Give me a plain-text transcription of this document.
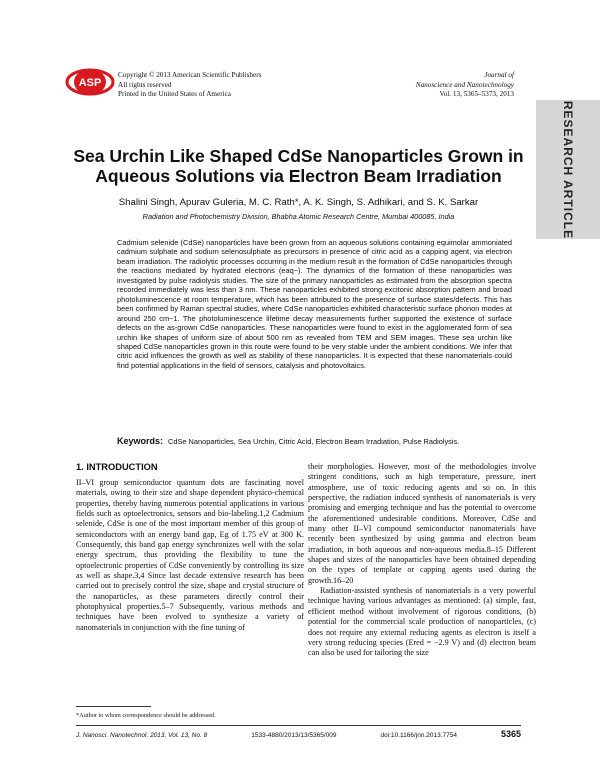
ASP
Copyright © 2013 American Scientific Publishers
All rights reserved
Printed in the United States of America
Journal of
Nanoscience and Nanotechnology
Vol. 13, 5365–5373, 2013
RESEARCH ARTICLE
Sea Urchin Like Shaped CdSe Nanoparticles Grown in
Aqueous Solutions via Electron Beam Irradiation
Shalini Singh, Apurav Guleria, M. C. Rath*, A. K. Singh, S. Adhikari, and S. K. Sarkar
Radiation and Photochemistry Division, Bhabha Atomic Research Centre, Mumbai 400085, India
Cadmium selenide (CdSe) nanoparticles have been grown from an aqueous solutions containing equimolar ammoniated cadmium sulphate and sodium selenosulphate as precursors in presence of citric acid as a capping agent, via electron beam irradiation. The radiolytic processes occurring in the medium result in the formation of CdSe nanoparticles through the reactions mediated by hydrated electrons (eaq−). The dynamics of the formation of these nanoparticles was investigated by pulse radiolysis studies. The size of the primary nanoparticles as estimated from the absorption spectra recorded immediately was less than 3 nm. These nanoparticles exhibited strong excitonic absorption pattern and broad photoluminescence at room temperature, which has been attributed to the presence of surface states/defects. This has been confirmed by Raman spectral studies, where CdSe nanoparticles exhibited characteristic surface phonon modes at around 250 cm−1. The photoluminescence lifetime decay measurements further supported the existence of surface defects on the as-grown CdSe nanoparticles. These nanoparticles were found to exist in the agglomerated form of sea urchin like shapes of uniform size of about 500 nm as revealed from TEM and SEM images. These sea urchin like shaped CdSe nanoparticles grown in this route were found to be very stable under the ambient conditions. We infer that citric acid influences the growth as well as stability of these nanoparticles. It is expected that these nanomaterials could find potential applications in the field of sensors, catalysis and photovoltaics.
Keywords: CdSe Nanoparticles, Sea Urchin, Citric Acid, Electron Beam Irradiation, Pulse Radiolysis.
1. INTRODUCTION

II–VI group semiconductor quantum dots are fascinating novel materials, owing to their size and shape dependent physico-chemical properties, thereby having numerous potential applications in various fields such as optoelectronics, sensors and bio-labeling.1,2 Cadmium selenide, CdSe is one of the most important member of this group of semiconductors with an energy band gap, Eg of 1.75 eV at 300 K. Consequently, this band gap energy synchronizes well with the solar energy spectrum, thus providing the flexibility to tune the optoelectronic properties of CdSe conveniently by controlling its size as well as shape.3,4 Since last decade extensive research has been carried out to precisely control the size, shape and crystal structure of the nanoparticles, as these parameters directly control their photophysical properties.5–7 Subsequently, various methods and techniques have been evolved to synthesize a variety of nanomaterials in conjunction with the fine tuning of

their morphologies. However, most of the methodologies involve stringent conditions, such as high temperature, pressure, inert atmosphere, use of toxic reducing agents and so on. In this perspective, the radiation induced synthesis of nanomaterials is very promising and emerging technique and has the potential to overcome the aforementioned undesirable conditions. Moreover, CdSe and many other II–VI compound semiconductor nanomaterials have recently been synthesized by using gamma and electron beam irradiation, in both aqueous and non-aqueous media.8–15 Different shapes and sizes of the nanoparticles have been obtained depending on the types of template or capping agents used during the growth.16–20

Radiation-assisted synthesis of nanomaterials is a very powerful technique having various advantages as mentioned: (a) simple, fast, efficient method without involvement of rigorous conditions, (b) potential for the commercial scale production of nanoparticles, (c) does not require any external reducing agents as electron is itself a very strong reducing species (Ered = −2.9 V) and (d) electron beam can also be used for tailoring the size

*Author to whom correspondence should be addressed.
J. Nanosci. Nanotechnol. 2013, Vol. 13, No. 8	1533-4880/2013/13/5365/009	doi:10.1166/jnn.2013.7754	5365
